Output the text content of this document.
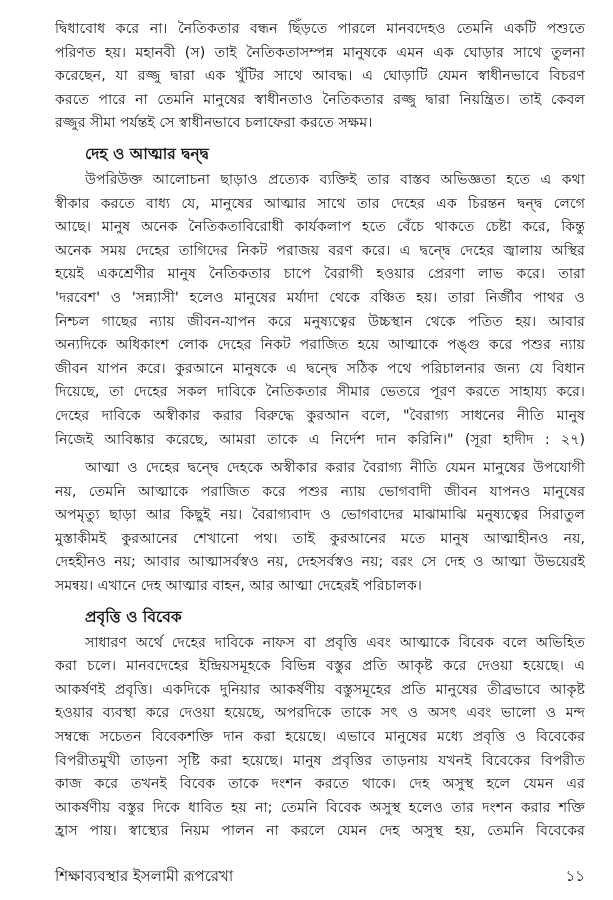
দ্বিধাবোধ করে না। নৈতিকতার বন্ধন ছিঁড়তে পারলে মানবদেহও তেমনি একটি পশুতে
পরিণত হয়। মহানবী (স) তাই নৈতিকতাসম্পন্ন মানুষকে এমন এক ঘোড়ার সাথে তুলনা
করেছেন, যা রজ্জু দ্বারা এক খুঁটির সাথে আবদ্ধ। এ ঘোড়াটি যেমন স্বাধীনভাবে বিচরণ
করতে পারে না তেমনি মানুষের স্বাধীনতাও নৈতিকতার রজ্জু দ্বারা নিয়ন্ত্রিত। তাই কেবল
রজ্জুর সীমা পর্যন্তই সে স্বাধীনভাবে চলাফেরা করতে সক্ষম।
দেহ ও আত্মার দ্বন্দ্ব
উপরিউক্ত আলোচনা ছাড়াও প্রত্যেক ব্যক্তিই তার বাস্তব অভিজ্ঞতা হতে এ কথা
স্বীকার করতে বাধ্য যে, মানুষের আত্মার সাথে তার দেহের এক চিরন্তন দ্বন্দ্ব লেগে
আছে। মানুষ অনেক নৈতিকতাবিরোধী কার্যকলাপ হতে বেঁচে থাকতে চেষ্টা করে, কিন্তু
অনেক সময় দেহের তাগিদের নিকট পরাজয় বরণ করে। এ দ্বন্দ্বে দেহের জ্বালায় অস্থির
হয়েই একশ্রেণীর মানুষ নৈতিকতার চাপে বৈরাগী হওয়ার প্রেরণা লাভ করে। তারা
'দরবেশ' ও 'সন্ন্যাসী' হলেও মানুষের মর্যাদা থেকে বঞ্চিত হয়। তারা নির্জীব পাথর ও
নিশ্চল গাছের ন্যায় জীবন-যাপন করে মনুষ্যত্বের উচ্চস্থান থেকে পতিত হয়। আবার
অন্যদিকে অধিকাংশ লোক দেহের নিকট পরাজিত হয়ে আত্মাকে পঙ্গু করে পশুর ন্যায়
জীবন যাপন করে। কুরআনে মানুষকে এ দ্বন্দ্বে সঠিক পথে পরিচালনার জন্য যে বিধান
দিয়েছে, তা দেহের সকল দাবিকে নৈতিকতার সীমার ভেতরে পূরণ করতে সাহায্য করে।
দেহের দাবিকে অস্বীকার করার বিরুদ্ধে কুরআন বলে, "বৈরাগ্য সাধনের নীতি মানুষ
নিজেই আবিষ্কার করেছে, আমরা তাকে এ নির্দেশ দান করিনি।" (সূরা হাদীদ : ২৭)
আত্মা ও দেহের দ্বন্দ্বে দেহকে অস্বীকার করার বৈরাগ্য নীতি যেমন মানুষের উপযোগী
নয়, তেমনি আত্মাকে পরাজিত করে পশুর ন্যায় ভোগবাদী জীবন যাপনও মানুষের
অপমৃত্যু ছাড়া আর কিছুই নয়। বৈরাগ্যবাদ ও ভোগবাদের মাঝামাঝি মনুষ্যত্বের সিরাতুল
মুস্তাকীমই কুরআনের শেখানো পথ। তাই কুরআনের মতে মানুষ আত্মাহীনও নয়,
দেহহীনও নয়; আবার আত্মাসর্বস্বও নয়, দেহসর্বস্বও নয়; বরং সে দেহ ও আত্মা উভয়েরই
সমন্বয়। এখানে দেহ আত্মার বাহন, আর আত্মা দেহেরই পরিচালক।
প্রবৃত্তি ও বিবেক
সাধারণ অর্থে দেহের দাবিকে নাফস বা প্রবৃত্তি এবং আত্মাকে বিবেক বলে অভিহিত
করা চলে। মানবদেহের ইন্দ্রিয়সমূহকে বিভিন্ন বস্তুর প্রতি আকৃষ্ট করে দেওয়া হয়েছে। এ
আকর্ষণই প্রবৃত্তি। একদিকে দুনিয়ার আকর্ষণীয় বস্তুসমূহের প্রতি মানুষের তীব্রভাবে আকৃষ্ট
হওয়ার ব্যবস্থা করে দেওয়া হয়েছে, অপরদিকে তাকে সৎ ও অসৎ এবং ভালো ও মন্দ
সম্বন্ধে সচেতন বিবেকশক্তি দান করা হয়েছে। এভাবে মানুষের মধ্যে প্রবৃত্তি ও বিবেকের
বিপরীতমুখী তাড়না সৃষ্টি করা হয়েছে। মানুষ প্রবৃত্তির তাড়নায় যখনই বিবেকের বিপরীত
কাজ করে তখনই বিবেক তাকে দংশন করতে থাকে। দেহ অসুস্থ হলে যেমন এর
আকর্ষণীয় বস্তুর দিকে ধাবিত হয় না; তেমনি বিবেক অসুস্থ হলেও তার দংশন করার শক্তি
হ্রাস পায়। স্বাস্থ্যের নিয়ম পালন না করলে যেমন দেহ অসুস্থ হয়, তেমনি বিবেকের
শিক্ষাব্যবস্থার ইসলামী রূপরেখা	১১
